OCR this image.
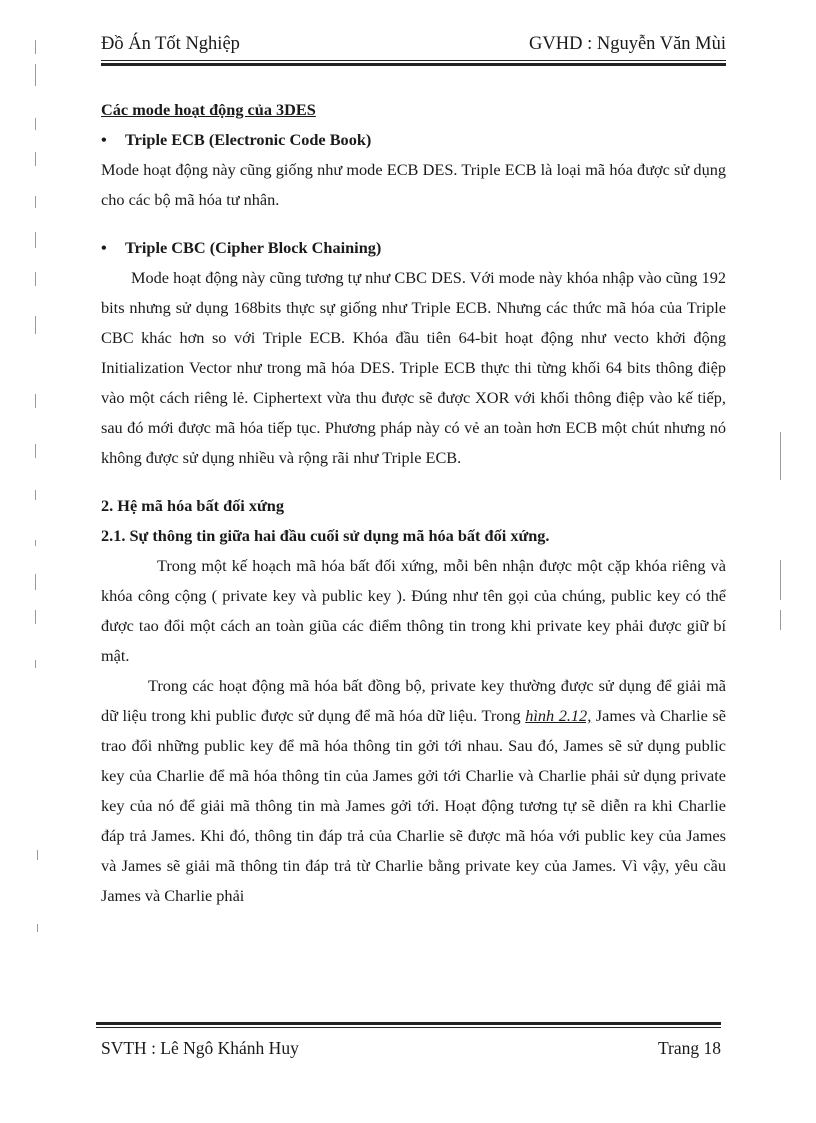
Đồ Án Tốt Nghiệp	GVHD : Nguyễn Văn Mùi

Các mode hoạt động của 3DES

• Triple ECB (Electronic Code Book)

Mode hoạt động này cũng giống như mode ECB DES. Triple ECB là loại mã hóa được sử dụng cho các bộ mã hóa tư nhân.

• Triple CBC (Cipher Block Chaining)

Mode hoạt động này cũng tương tự như CBC DES. Với mode này khóa nhập vào cũng 192 bits nhưng sử dụng 168bits thực sự giống như Triple ECB. Nhưng các thức mã hóa của Triple CBC khác hơn so với Triple ECB. Khóa đầu tiên 64-bit hoạt động như vecto khởi động Initialization Vector như trong mã hóa DES. Triple ECB thực thi từng khối 64 bits thông điệp vào một cách riêng lẻ. Ciphertext vừa thu được sẽ được XOR với khối thông điệp vào kế tiếp, sau đó mới được mã hóa tiếp tục. Phương pháp này có vẻ an toàn hơn ECB một chút nhưng nó không được sử dụng nhiều và rộng rãi như Triple ECB.

2. Hệ mã hóa bất đối xứng

2.1. Sự thông tin giữa hai đầu cuối sử dụng mã hóa bất đối xứng.

Trong một kế hoạch mã hóa bất đối xứng, mỗi bên nhận được một cặp khóa riêng và khóa công cộng ( private key và public key ). Đúng như tên gọi của chúng, public key có thể được tao đổi một cách an toàn giũa các điểm thông tin trong khi private key phải được giữ bí mật.

Trong các hoạt động mã hóa bất đồng bộ, private key thường được sử dụng để giải mã dữ liệu trong khi public được sử dụng để mã hóa dữ liệu. Trong hình 2.12, James và Charlie sẽ trao đổi những public key để mã hóa thông tin gởi tới nhau. Sau đó, James sẽ sử dụng public key của Charlie để mã hóa thông tin của James gởi tới Charlie và Charlie phải sử dụng private key của nó để giải mã thông tin mà James gởi tới. Hoạt động tương tự sẽ diễn ra khi Charlie đáp trả James. Khi đó, thông tin đáp trả của Charlie sẽ được mã hóa với public key của James và James sẽ giải mã thông tin đáp trả từ Charlie bằng private key của James. Vì vậy, yêu cầu James và Charlie phải

SVTH : Lê Ngô Khánh Huy	Trang 18
